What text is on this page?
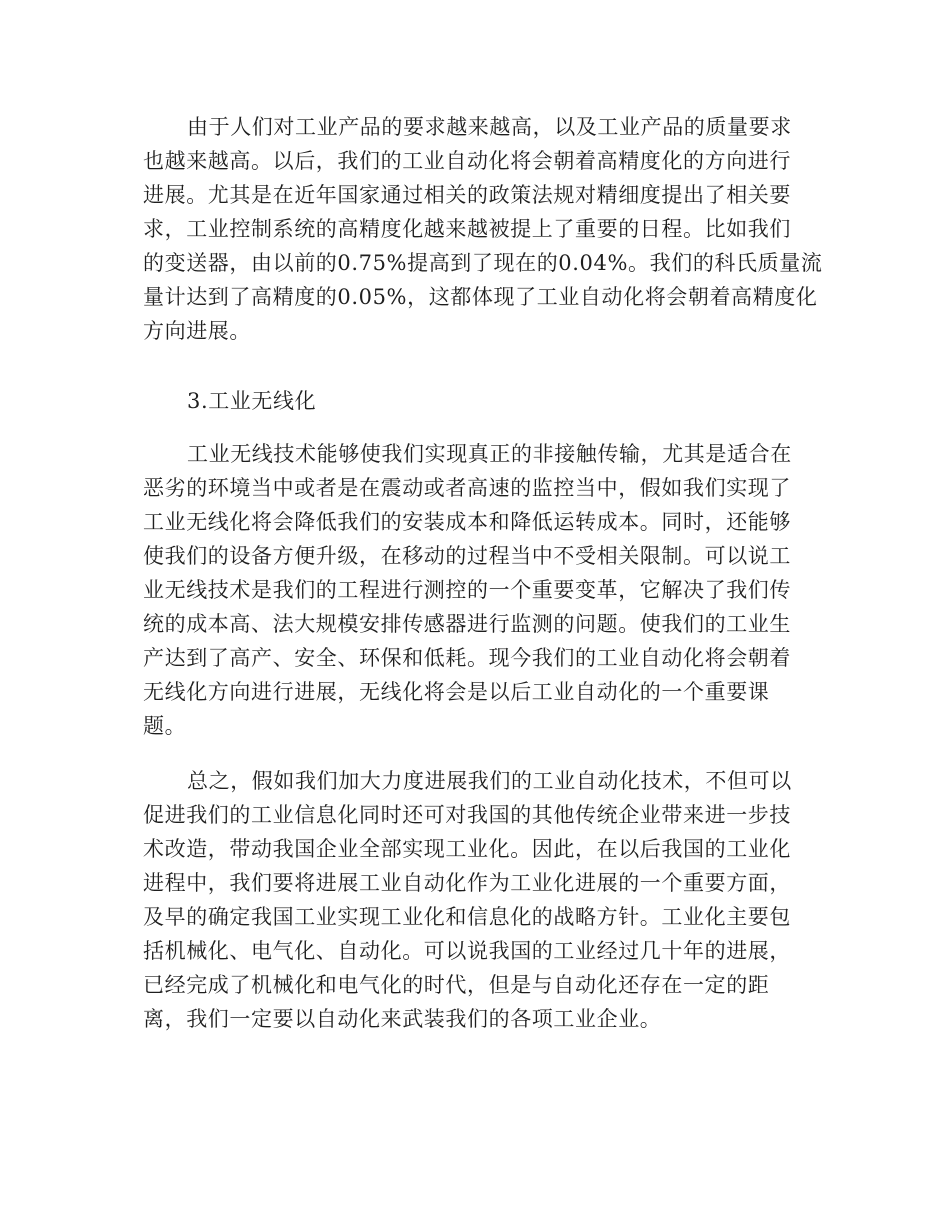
由于人们对工业产品的要求越来越高，以及工业产品的质量要求

也越来越高。以后，我们的工业自动化将会朝着高精度化的方向进行

进展。尤其是在近年国家通过相关的政策法规对精细度提出了相关要

求，工业控制系统的高精度化越来越被提上了重要的日程。比如我们

的变送器，由以前的0.75%提高到了现在的0.04%。我们的科氏质量流

量计达到了高精度的0.05%，这都体现了工业自动化将会朝着高精度化

方向进展。

3.工业无线化

工业无线技术能够使我们实现真正的非接触传输，尤其是适合在

恶劣的环境当中或者是在震动或者高速的监控当中，假如我们实现了

工业无线化将会降低我们的安装成本和降低运转成本。同时，还能够

使我们的设备方便升级，在移动的过程当中不受相关限制。可以说工

业无线技术是我们的工程进行测控的一个重要变革，它解决了我们传

统的成本高、法大规模安排传感器进行监测的问题。使我们的工业生

产达到了高产、安全、环保和低耗。现今我们的工业自动化将会朝着

无线化方向进行进展，无线化将会是以后工业自动化的一个重要课

题。

总之，假如我们加大力度进展我们的工业自动化技术，不但可以

促进我们的工业信息化同时还可对我国的其他传统企业带来进一步技

术改造，带动我国企业全部实现工业化。因此，在以后我国的工业化

进程中，我们要将进展工业自动化作为工业化进展的一个重要方面，

及早的确定我国工业实现工业化和信息化的战略方针。工业化主要包

括机械化、电气化、自动化。可以说我国的工业经过几十年的进展，

已经完成了机械化和电气化的时代，但是与自动化还存在一定的距

离，我们一定要以自动化来武装我们的各项工业企业。
